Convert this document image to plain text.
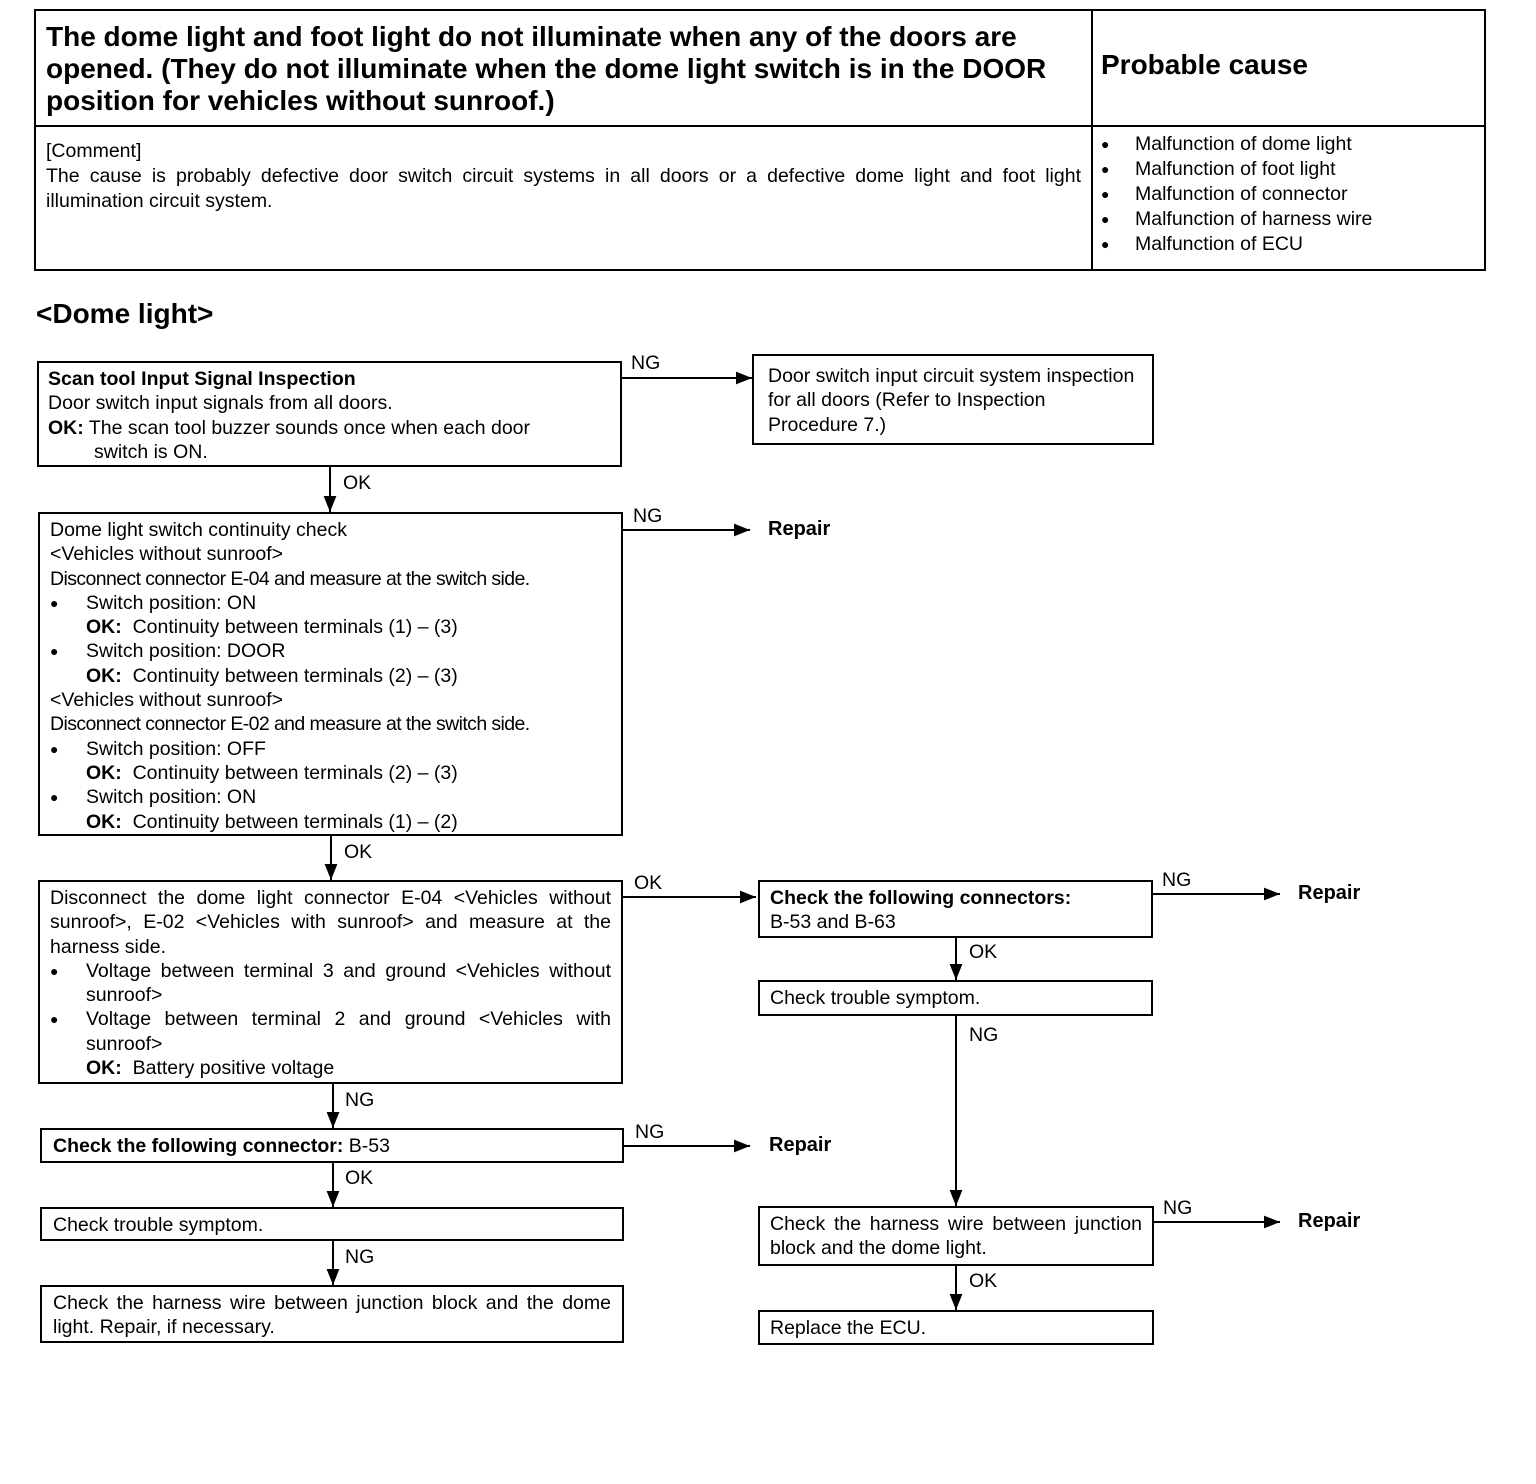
The dome light and foot light do not illuminate when any of the doors are opened. (They do not illuminate when the dome light switch is in the DOOR position for vehicles without sunroof.)
Probable cause
[Comment]
The cause is probably defective door switch circuit systems in all doors or a defective dome light and foot light illumination circuit system.
● Malfunction of dome light
● Malfunction of foot light
● Malfunction of connector
● Malfunction of harness wire
● Malfunction of ECU
<Dome light>
Scan tool Input Signal Inspection
Door switch input signals from all doors.
OK: The scan tool buzzer sounds once when each door
switch is ON.
Door switch input circuit system inspection for all doors (Refer to Inspection Procedure 7.)
Dome light switch continuity check
<Vehicles without sunroof>
Disconnect connector E-04 and measure at the switch side.
● Switch position: ON
OK: Continuity between terminals (1) – (3)
● Switch position: DOOR
OK: Continuity between terminals (2) – (3)
<Vehicles without sunroof>
Disconnect connector E-02 and measure at the switch side.
● Switch position: OFF
OK: Continuity between terminals (2) – (3)
● Switch position: ON
OK: Continuity between terminals (1) – (2)
Disconnect the dome light connector E-04 <Vehicles without sunroof>, E-02 <Vehicles with sunroof> and measure at the harness side.
● Voltage between terminal 3 and ground <Vehicles without sunroof>
● Voltage between terminal 2 and ground <Vehicles with sunroof>
OK: Battery positive voltage
Check the following connector: B-53
Check trouble symptom.
Check the harness wire between junction block and the dome light. Repair, if necessary.
Check the following connectors:
B-53 and B-63
Check trouble symptom.
Check the harness wire between junction block and the dome light.
Replace the ECU.
NG
OK
NG
OK
OK
NG
NG
OK
NG
NG
OK
NG
NG
OK
Repair
Repair
Repair
Repair
